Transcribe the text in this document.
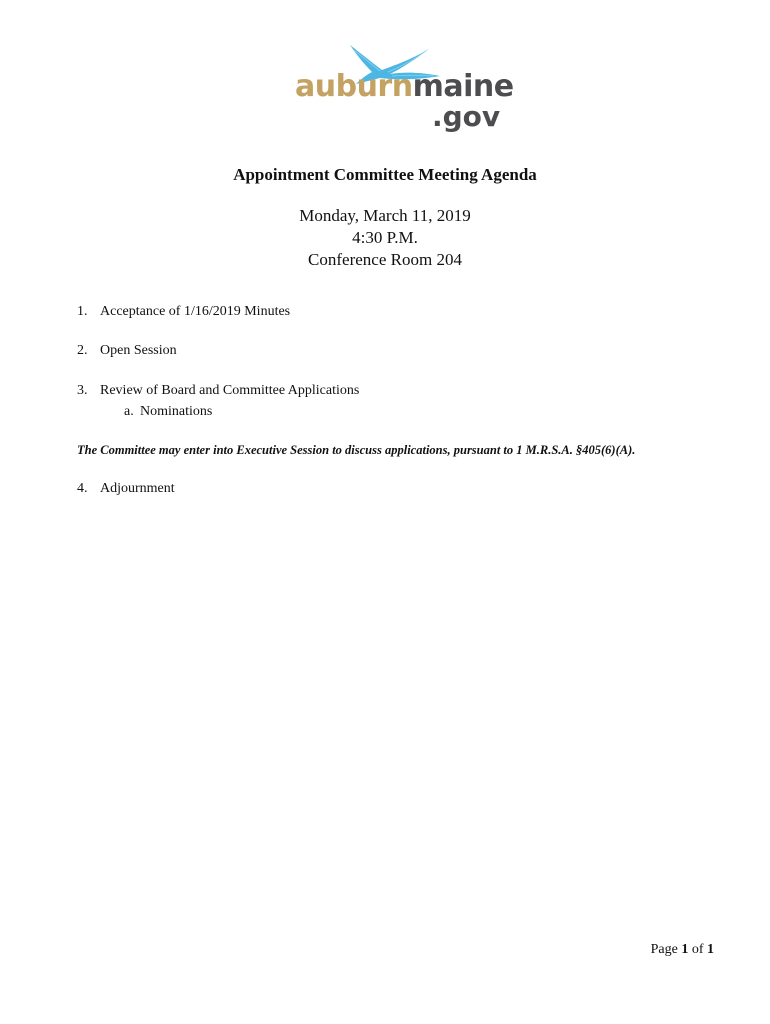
auburnmaine
.gov
Appointment Committee Meeting Agenda
Monday, March 11, 2019
4:30 P.M.
Conference Room 204
1. Acceptance of 1/16/2019 Minutes
2. Open Session
3. Review of Board and Committee Applications
a. Nominations
The Committee may enter into Executive Session to discuss applications, pursuant to 1 M.R.S.A. §405(6)(A).
4. Adjournment
Page 1 of 1
